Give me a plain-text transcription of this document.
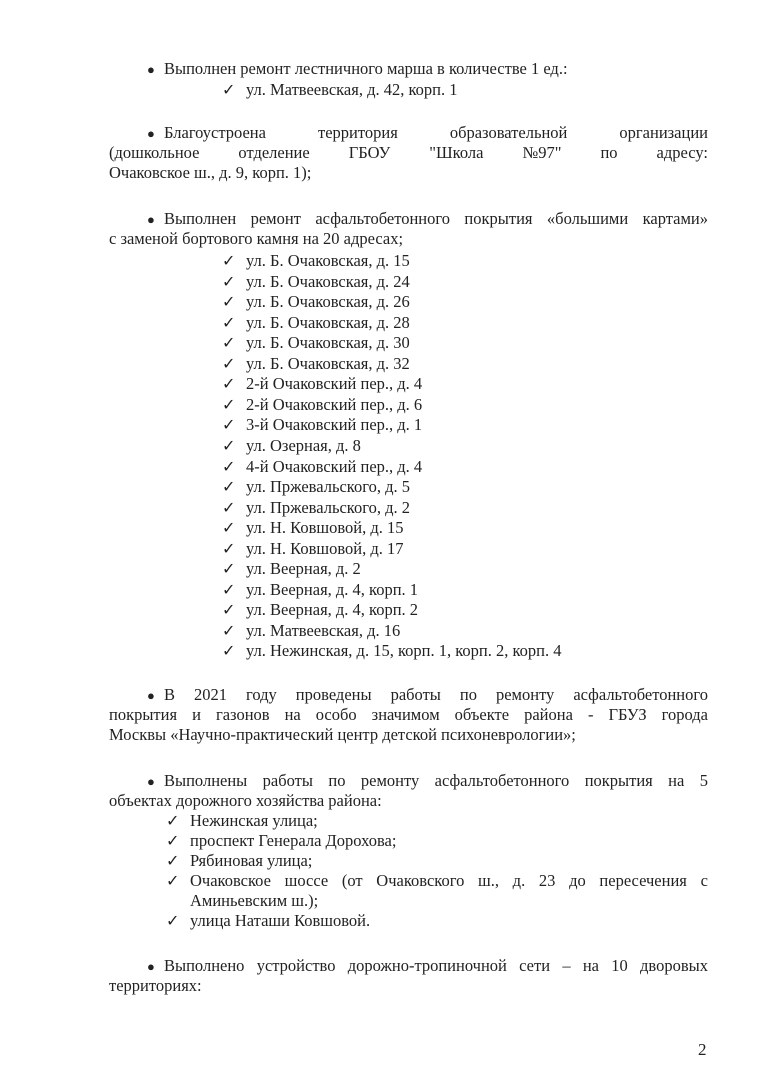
● Выполнен ремонт лестничного марша в количестве 1 ед.:
✓ ул. Матвеевская, д. 42, корп. 1
● Благоустроена	территория	образовательной	организации
(дошкольное отделение ГБОУ "Школа №97" по адресу:
Очаковское ш., д. 9, корп. 1);
● Выполнен ремонт асфальтобетонного покрытия «большими картами»
с заменой бортового камня на 20 адресах;
✓ ул. Б. Очаковская, д. 15
✓ ул. Б. Очаковская, д. 24
✓ ул. Б. Очаковская, д. 26
✓ ул. Б. Очаковская, д. 28
✓ ул. Б. Очаковская, д. 30
✓ ул. Б. Очаковская, д. 32
✓ 2-й Очаковский пер., д. 4
✓ 2-й Очаковский пер., д. 6
✓ 3-й Очаковский пер., д. 1
✓ ул. Озерная, д. 8
✓ 4-й Очаковский пер., д. 4
✓ ул. Пржевальского, д. 5
✓ ул. Пржевальского, д. 2
✓ ул. Н. Ковшовой, д. 15
✓ ул. Н. Ковшовой, д. 17
✓ ул. Веерная, д. 2
✓ ул. Веерная, д. 4, корп. 1
✓ ул. Веерная, д. 4, корп. 2
✓ ул. Матвеевская, д. 16
✓ ул. Нежинская, д. 15, корп. 1, корп. 2, корп. 4
● В 2021 году проведены работы по ремонту асфальтобетонного
покрытия и газонов на особо значимом объекте района - ГБУЗ города
Москвы «Научно-практический центр детской психоневрологии»;
● Выполнены работы по ремонту асфальтобетонного покрытия на 5
объектах дорожного хозяйства района:
✓ Нежинская улица;
✓ проспект Генерала Дорохова;
✓ Рябиновая улица;
✓ Очаковское шоссе (от Очаковского ш., д. 23 до пересечения с
Аминьевским ш.);
✓ улица Наташи Ковшовой.
● Выполнено устройство дорожно-тропиночной сети – на 10 дворовых
территориях:
2
